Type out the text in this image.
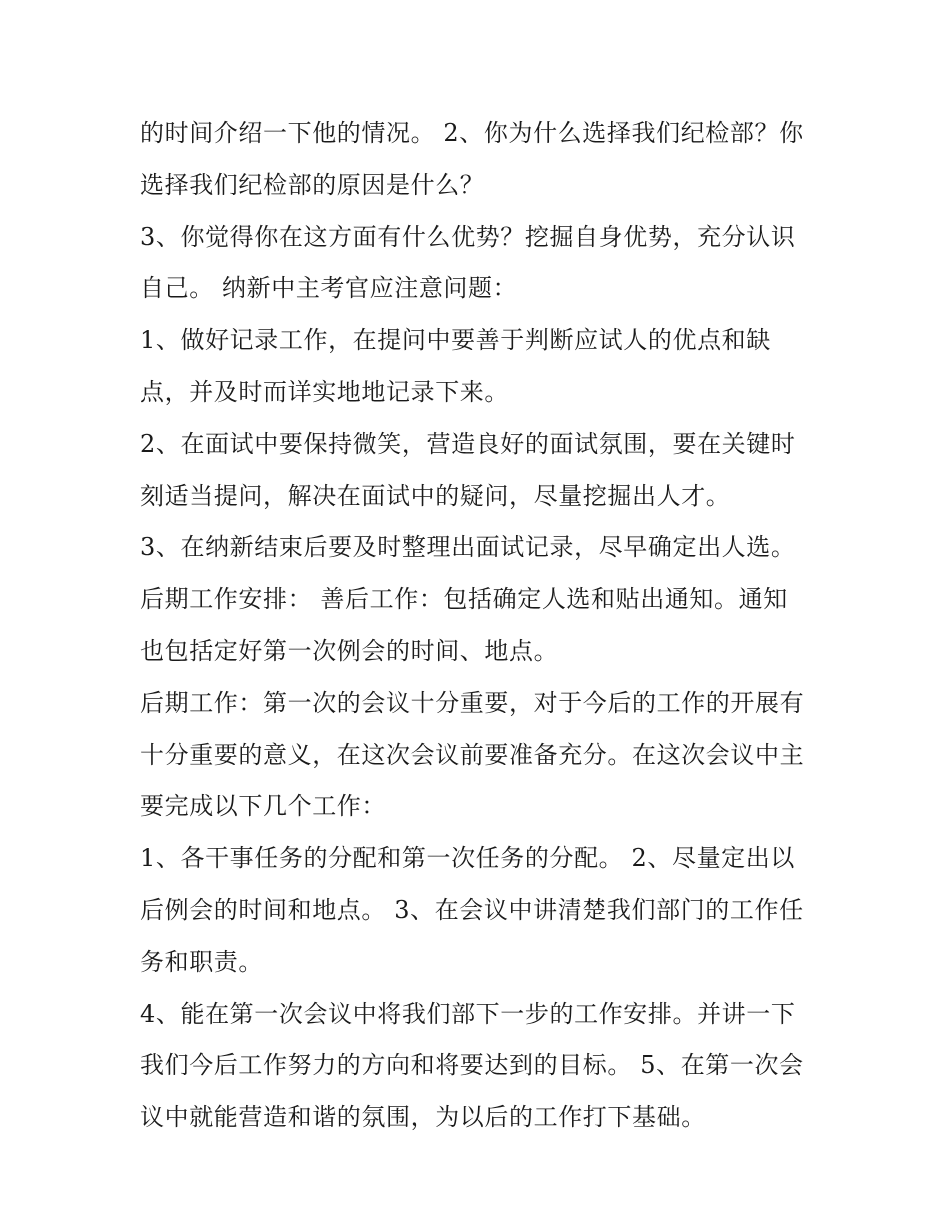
的时间介绍一下他的情况。 2、你为什么选择我们纪检部？你
选择我们纪检部的原因是什么？
3、你觉得你在这方面有什么优势？挖掘自身优势，充分认识
自己。 纳新中主考官应注意问题：
1、做好记录工作，在提问中要善于判断应试人的优点和缺
点，并及时而详实地地记录下来。
2、在面试中要保持微笑，营造良好的面试氛围，要在关键时
刻适当提问，解决在面试中的疑问，尽量挖掘出人才。
3、在纳新结束后要及时整理出面试记录，尽早确定出人选。
后期工作安排： 善后工作：包括确定人选和贴出通知。通知
也包括定好第一次例会的时间、地点。
后期工作：第一次的会议十分重要，对于今后的工作的开展有
十分重要的意义，在这次会议前要准备充分。在这次会议中主
要完成以下几个工作：
1、各干事任务的分配和第一次任务的分配。 2、尽量定出以
后例会的时间和地点。 3、在会议中讲清楚我们部门的工作任
务和职责。
4、能在第一次会议中将我们部下一步的工作安排。并讲一下
我们今后工作努力的方向和将要达到的目标。 5、在第一次会
议中就能营造和谐的氛围，为以后的工作打下基础。
